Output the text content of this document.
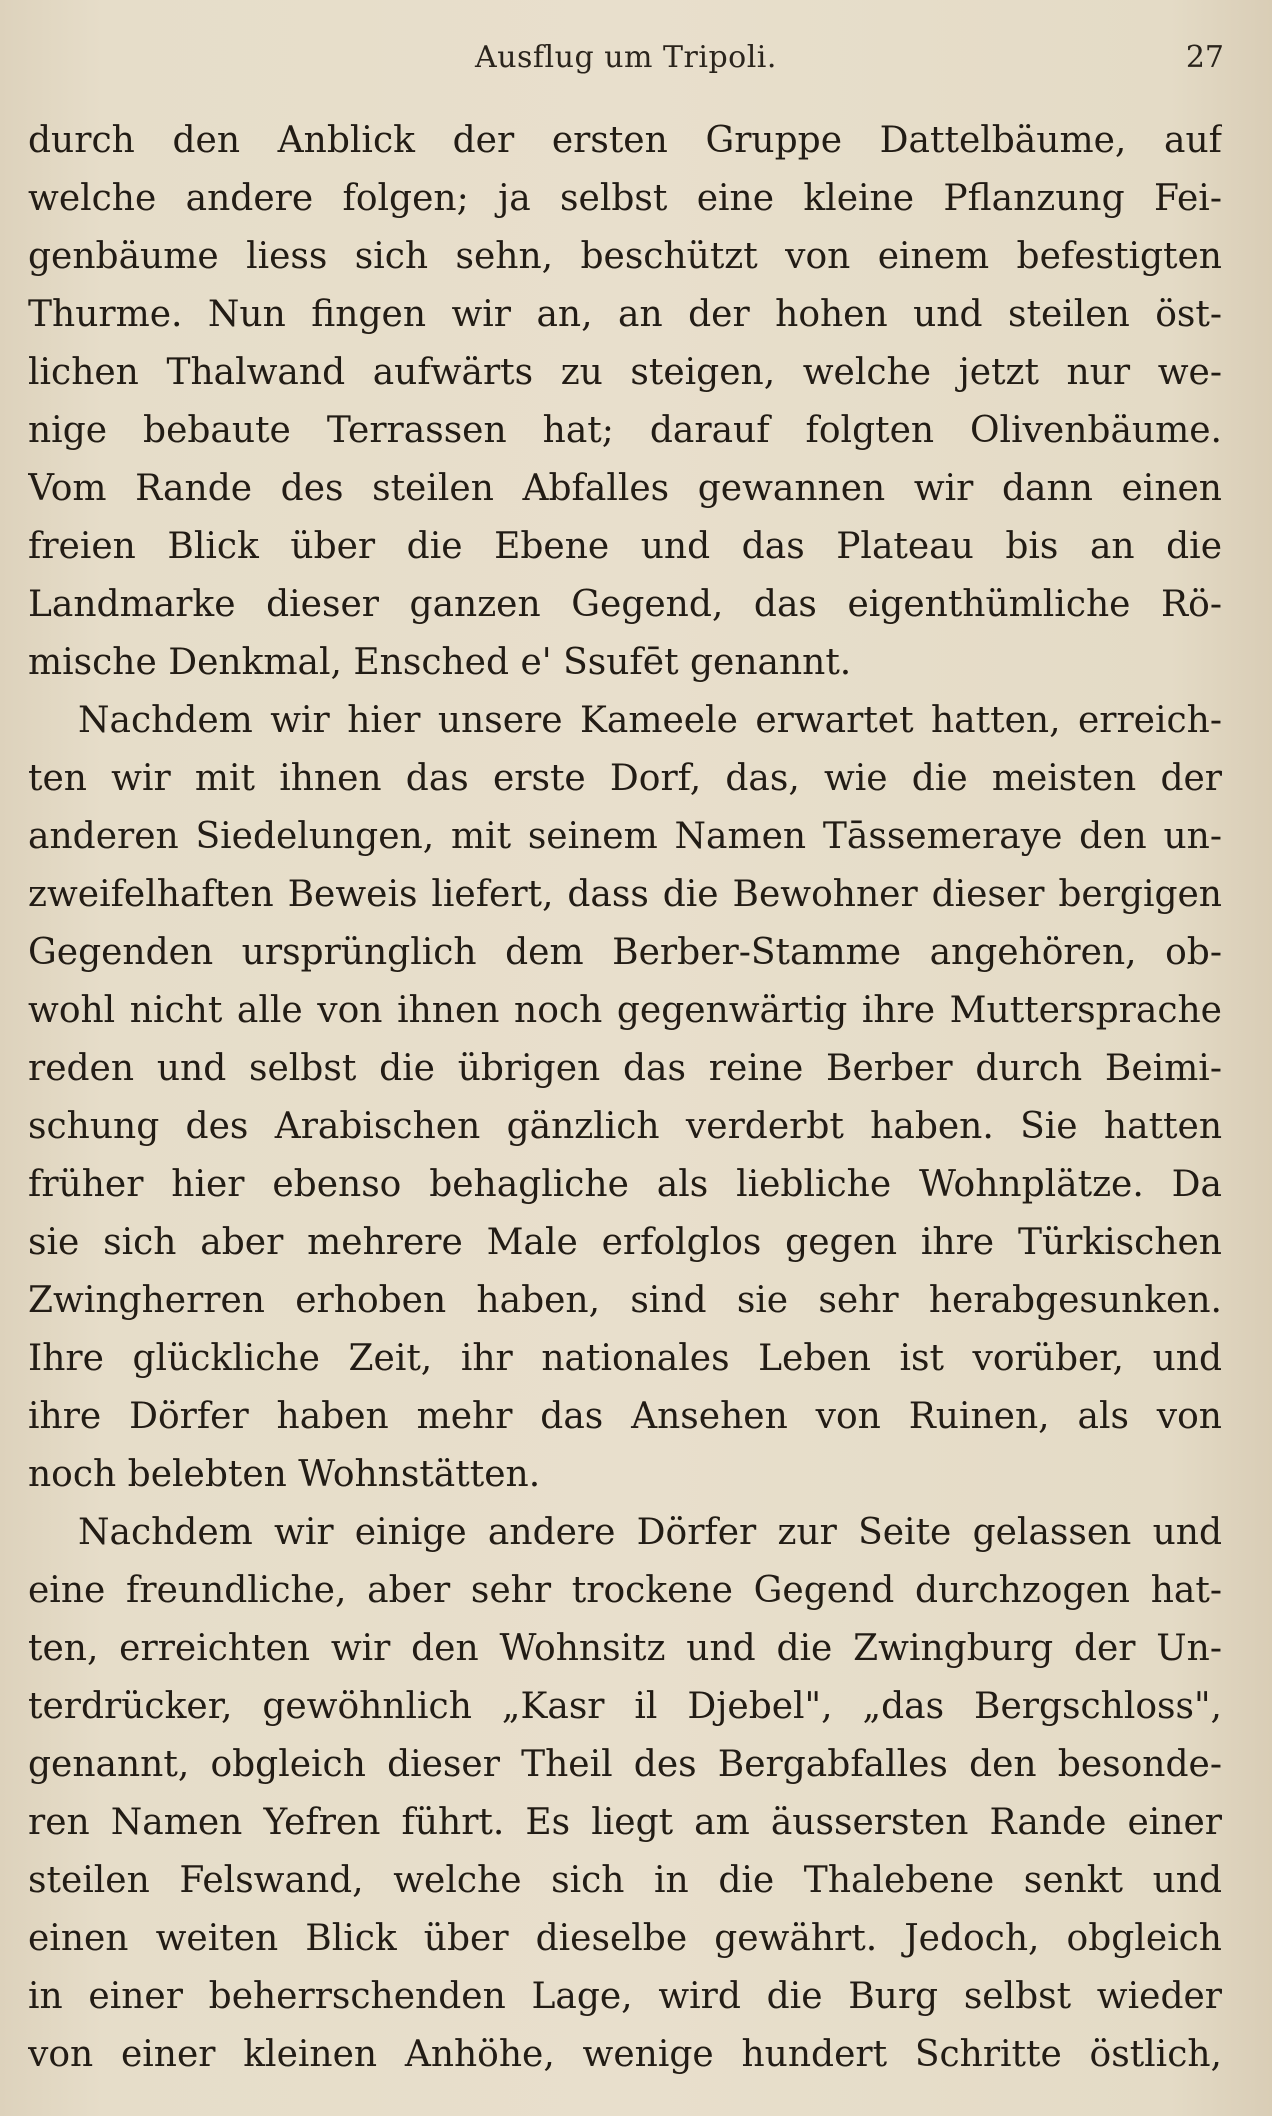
Ausflug um Tripoli.	27
durch den Anblick der ersten Gruppe Dattelbäume, auf
welche andere folgen; ja selbst eine kleine Pflanzung Fei-
genbäume liess sich sehn, beschützt von einem befestigten
Thurme. Nun fingen wir an, an der hohen und steilen öst-
lichen Thalwand aufwärts zu steigen, welche jetzt nur we-
nige bebaute Terrassen hat; darauf folgten Olivenbäume.
Vom Rande des steilen Abfalles gewannen wir dann einen
freien Blick über die Ebene und das Plateau bis an die
Landmarke dieser ganzen Gegend, das eigenthümliche Rö-
mische Denkmal, Ensched e' Ssufēt genannt.
Nachdem wir hier unsere Kameele erwartet hatten, erreich-
ten wir mit ihnen das erste Dorf, das, wie die meisten der
anderen Siedelungen, mit seinem Namen Tāssemeraye den un-
zweifelhaften Beweis liefert, dass die Bewohner dieser bergigen
Gegenden ursprünglich dem Berber-Stamme angehören, ob-
wohl nicht alle von ihnen noch gegenwärtig ihre Muttersprache
reden und selbst die übrigen das reine Berber durch Beimi-
schung des Arabischen gänzlich verderbt haben. Sie hatten
früher hier ebenso behagliche als liebliche Wohnplätze. Da
sie sich aber mehrere Male erfolglos gegen ihre Türkischen
Zwingherren erhoben haben, sind sie sehr herabgesunken.
Ihre glückliche Zeit, ihr nationales Leben ist vorüber, und
ihre Dörfer haben mehr das Ansehen von Ruinen, als von
noch belebten Wohnstätten.
Nachdem wir einige andere Dörfer zur Seite gelassen und
eine freundliche, aber sehr trockene Gegend durchzogen hat-
ten, erreichten wir den Wohnsitz und die Zwingburg der Un-
terdrücker, gewöhnlich „Kasr il Djebel", „das Bergschloss",
genannt, obgleich dieser Theil des Bergabfalles den besonde-
ren Namen Yefren führt. Es liegt am äussersten Rande einer
steilen Felswand, welche sich in die Thalebene senkt und
einen weiten Blick über dieselbe gewährt. Jedoch, obgleich
in einer beherrschenden Lage, wird die Burg selbst wieder
von einer kleinen Anhöhe, wenige hundert Schritte östlich,
